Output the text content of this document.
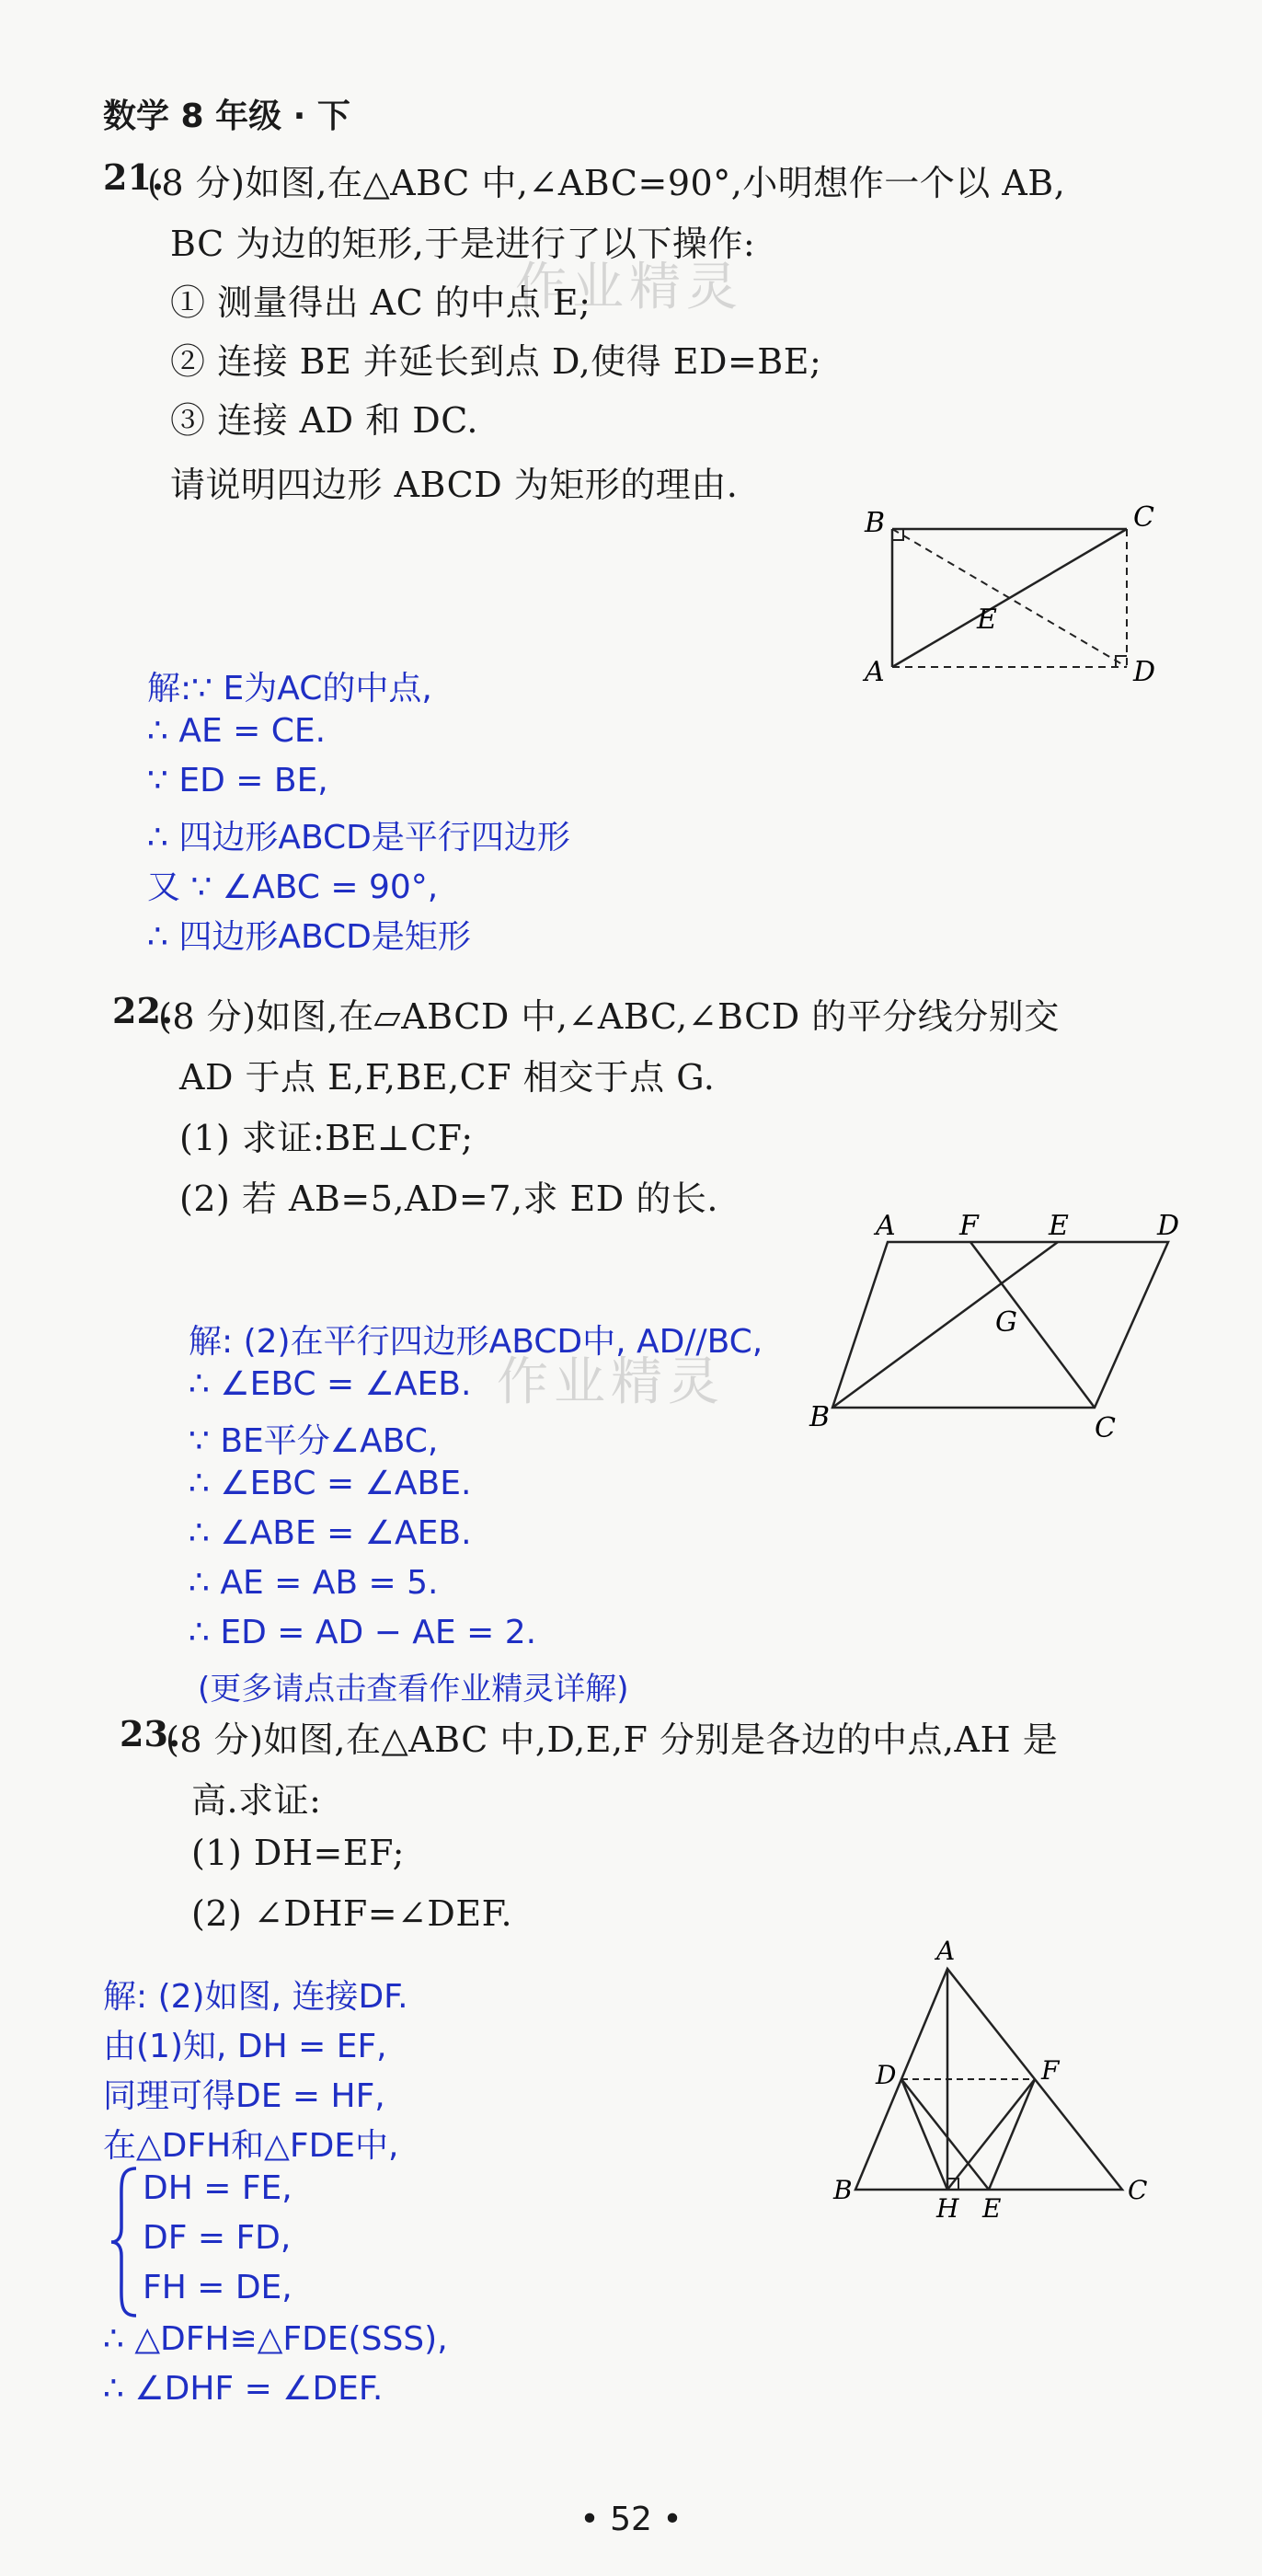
数学 8 年级 · 下
作业精灵
作业精灵
21.
(8 分)如图,在△ABC 中,∠ABC=90°,小明想作一个以 AB,
BC 为边的矩形,于是进行了以下操作:
① 测量得出 AC 的中点 E;
② 连接 BE 并延长到点 D,使得 ED=BE;
③ 连接 AD 和 DC.
请说明四边形 ABCD 为矩形的理由.
B	C
E
A	D
解:∵ E为AC的中点,
∴ AE = CE.
∵ ED = BE,
∴ 四边形ABCD是平行四边形
又 ∵ ∠ABC = 90°,
∴ 四边形ABCD是矩形
22.
(8 分)如图,在▱ABCD 中,∠ABC,∠BCD 的平分线分别交
AD 于点 E,F,BE,CF 相交于点 G.
(1) 求证:BE⊥CF;
(2) 若 AB=5,AD=7,求 ED 的长.
A F	E	D
G
B	C
解: (2)在平行四边形ABCD中, AD//BC,
∴ ∠EBC = ∠AEB.
∵ BE平分∠ABC,
∴ ∠EBC = ∠ABE.
∴ ∠ABE = ∠AEB.
∴ AE = AB = 5.
∴ ED = AD − AE = 2.
(更多请点击查看作业精灵详解)
23.
(8 分)如图,在△ABC 中,D,E,F 分别是各边的中点,AH 是
高.求证:
(1) DH=EF;
(2) ∠DHF=∠DEF.
A
D	F
B
H E
C
解: (2)如图, 连接DF.
由(1)知, DH = EF,
同理可得DE = HF,
在△DFH和△FDE中,
DH = FE,
DF = FD,
FH = DE,
∴ △DFH≌△FDE(SSS),
∴ ∠DHF = ∠DEF.
• 52 •
